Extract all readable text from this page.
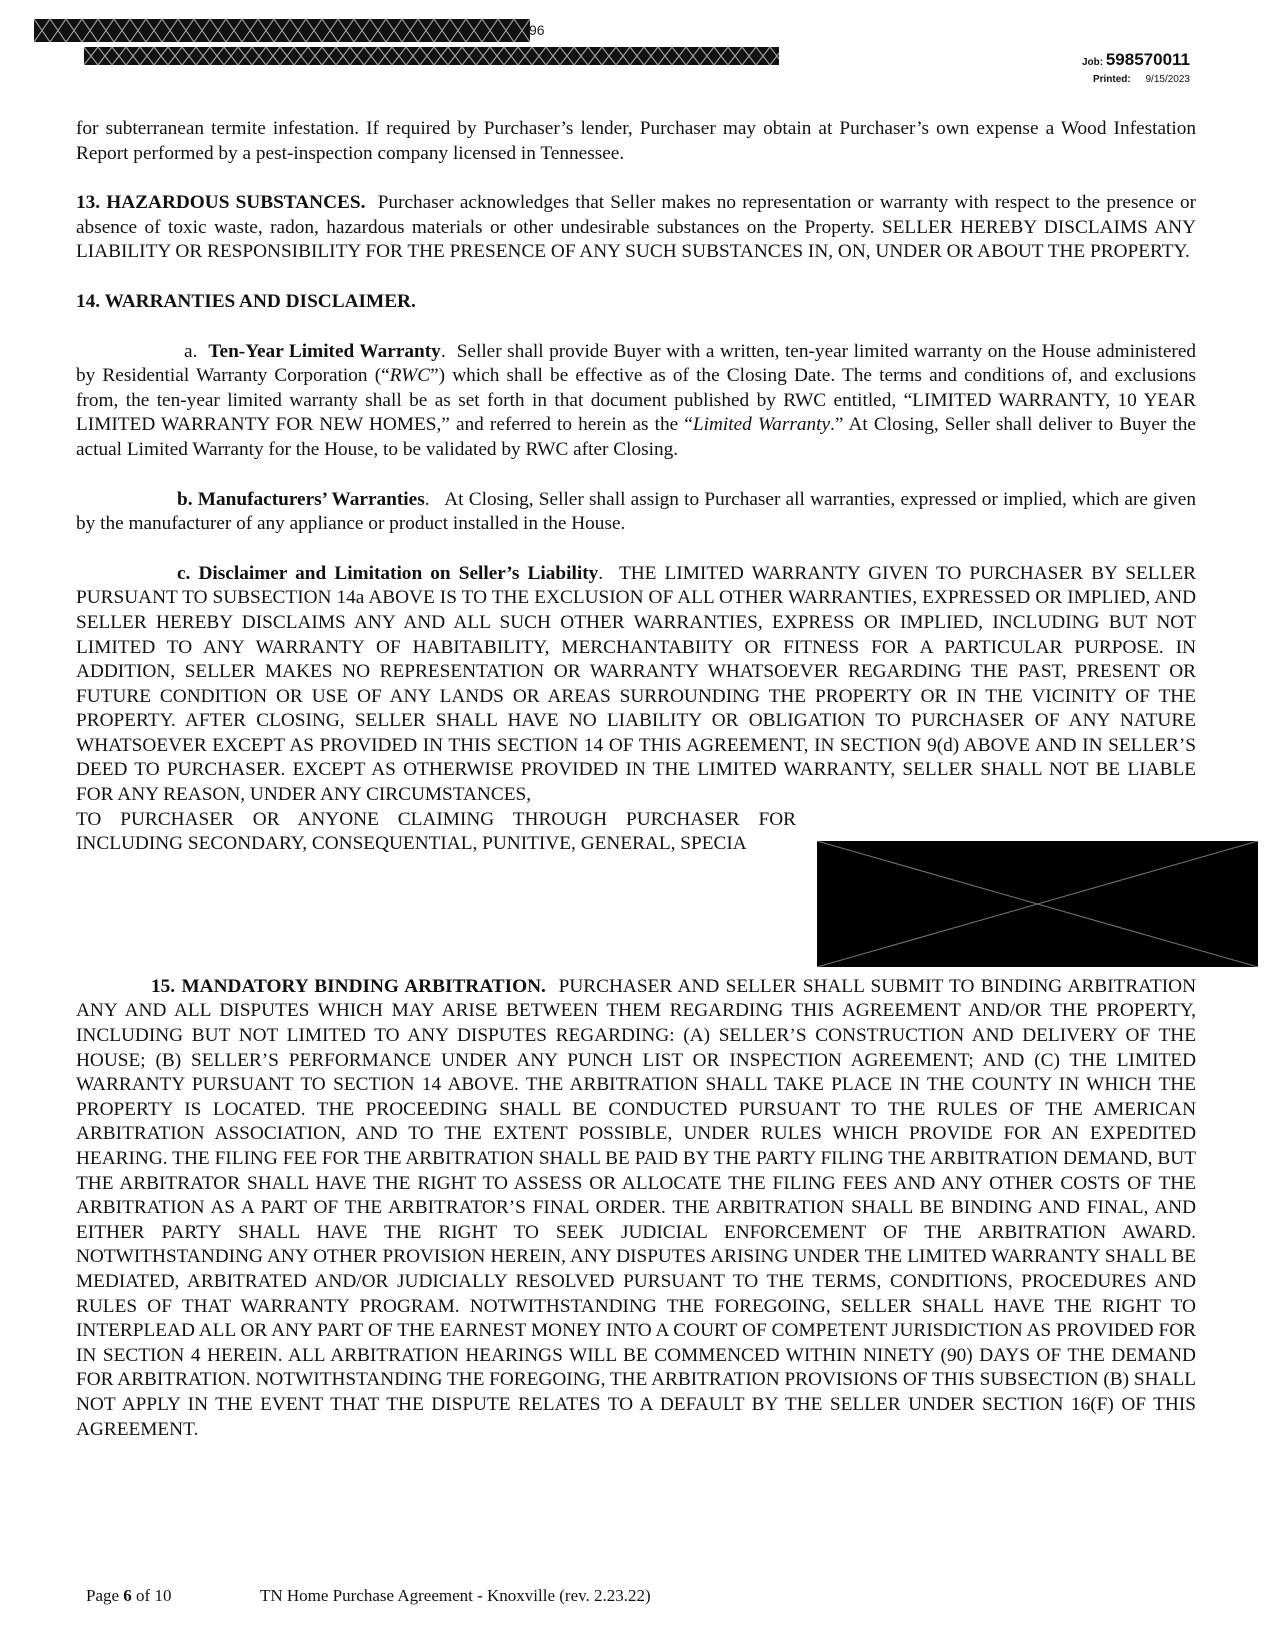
96
Job: 598570011
Printed: 9/15/2023

for subterranean termite infestation. If required by Purchaser’s lender, Purchaser may obtain at Purchaser’s own expense a Wood Infestation Report performed by a pest-inspection company licensed in Tennessee.

13. HAZARDOUS SUBSTANCES. Purchaser acknowledges that Seller makes no representation or warranty with respect to the presence or absence of toxic waste, radon, hazardous materials or other undesirable substances on the Property. SELLER HEREBY DISCLAIMS ANY LIABILITY OR RESPONSIBILITY FOR THE PRESENCE OF ANY SUCH SUBSTANCES IN, ON, UNDER OR ABOUT THE PROPERTY.

14. WARRANTIES AND DISCLAIMER.

a.  Ten-Year Limited Warranty.  Seller shall provide Buyer with a written, ten-year limited warranty on the House administered by Residential Warranty Corporation (“RWC”) which shall be effective as of the Closing Date. The terms and conditions of, and exclusions from, the ten-year limited warranty shall be as set forth in that document published by RWC entitled, “LIMITED WARRANTY, 10 YEAR LIMITED WARRANTY FOR NEW HOMES,” and referred to herein as the “Limited Warranty.” At Closing, Seller shall deliver to Buyer the actual Limited Warranty for the House, to be validated by RWC after Closing.

b. Manufacturers’ Warranties.   At Closing, Seller shall assign to Purchaser all warranties, expressed or implied, which are given by the manufacturer of any appliance or product installed in the House.

c. Disclaimer and Limitation on Seller’s Liability.  THE LIMITED WARRANTY GIVEN TO PURCHASER BY SELLER PURSUANT TO SUBSECTION 14a ABOVE IS TO THE EXCLUSION OF ALL OTHER WARRANTIES, EXPRESSED OR IMPLIED, AND SELLER HEREBY DISCLAIMS ANY AND ALL SUCH OTHER WARRANTIES, EXPRESS OR IMPLIED, INCLUDING BUT NOT LIMITED TO ANY WARRANTY OF HABITABILITY, MERCHANTABIITY OR FITNESS FOR A PARTICULAR PURPOSE. IN ADDITION, SELLER MAKES NO REPRESENTATION OR WARRANTY WHATSOEVER REGARDING THE PAST, PRESENT OR FUTURE CONDITION OR USE OF ANY LANDS OR AREAS SURROUNDING THE PROPERTY OR IN THE VICINITY OF THE PROPERTY. AFTER CLOSING, SELLER SHALL HAVE NO LIABILITY OR OBLIGATION TO PURCHASER OF ANY NATURE WHATSOEVER EXCEPT AS PROVIDED IN THIS SECTION 14 OF THIS AGREEMENT, IN SECTION 9(d) ABOVE AND IN SELLER’S DEED TO PURCHASER. EXCEPT AS OTHERWISE PROVIDED IN THE LIMITED WARRANTY, SELLER SHALL NOT BE LIABLE FOR ANY REASON, UNDER ANY CIRCUMSTANCES,

TO PURCHASER OR ANYONE CLAIMING THROUGH PURCHASER FOR

INCLUDING SECONDARY, CONSEQUENTIAL, PUNITIVE, GENERAL, SPECIA

15. MANDATORY BINDING ARBITRATION. PURCHASER AND SELLER SHALL SUBMIT TO BINDING ARBITRATION ANY AND ALL DISPUTES WHICH MAY ARISE BETWEEN THEM REGARDING THIS AGREEMENT AND/OR THE PROPERTY, INCLUDING BUT NOT LIMITED TO ANY DISPUTES REGARDING: (A) SELLER’S CONSTRUCTION AND DELIVERY OF THE HOUSE; (B) SELLER’S PERFORMANCE UNDER ANY PUNCH LIST OR INSPECTION AGREEMENT; AND (C) THE LIMITED WARRANTY PURSUANT TO SECTION 14 ABOVE. THE ARBITRATION SHALL TAKE PLACE IN THE COUNTY IN WHICH THE PROPERTY IS LOCATED. THE PROCEEDING SHALL BE CONDUCTED PURSUANT TO THE RULES OF THE AMERICAN ARBITRATION ASSOCIATION, AND TO THE EXTENT POSSIBLE, UNDER RULES WHICH PROVIDE FOR AN EXPEDITED HEARING. THE FILING FEE FOR THE ARBITRATION SHALL BE PAID BY THE PARTY FILING THE ARBITRATION DEMAND, BUT THE ARBITRATOR SHALL HAVE THE RIGHT TO ASSESS OR ALLOCATE THE FILING FEES AND ANY OTHER COSTS OF THE ARBITRATION AS A PART OF THE ARBITRATOR’S FINAL ORDER. THE ARBITRATION SHALL BE BINDING AND FINAL, AND EITHER PARTY SHALL HAVE THE RIGHT TO SEEK JUDICIAL ENFORCEMENT OF THE ARBITRATION AWARD. NOTWITHSTANDING ANY OTHER PROVISION HEREIN, ANY DISPUTES ARISING UNDER THE LIMITED WARRANTY SHALL BE MEDIATED, ARBITRATED AND/OR JUDICIALLY RESOLVED PURSUANT TO THE TERMS, CONDITIONS, PROCEDURES AND RULES OF THAT WARRANTY PROGRAM. NOTWITHSTANDING THE FOREGOING, SELLER SHALL HAVE THE RIGHT TO INTERPLEAD ALL OR ANY PART OF THE EARNEST MONEY INTO A COURT OF COMPETENT JURISDICTION AS PROVIDED FOR IN SECTION 4 HEREIN. ALL ARBITRATION HEARINGS WILL BE COMMENCED WITHIN NINETY (90) DAYS OF THE DEMAND FOR ARBITRATION. NOTWITHSTANDING THE FOREGOING, THE ARBITRATION PROVISIONS OF THIS SUBSECTION (B) SHALL NOT APPLY IN THE EVENT THAT THE DISPUTE RELATES TO A DEFAULT BY THE SELLER UNDER SECTION 16(F) OF THIS AGREEMENT.

Page 6 of 10	TN Home Purchase Agreement - Knoxville (rev. 2.23.22)
